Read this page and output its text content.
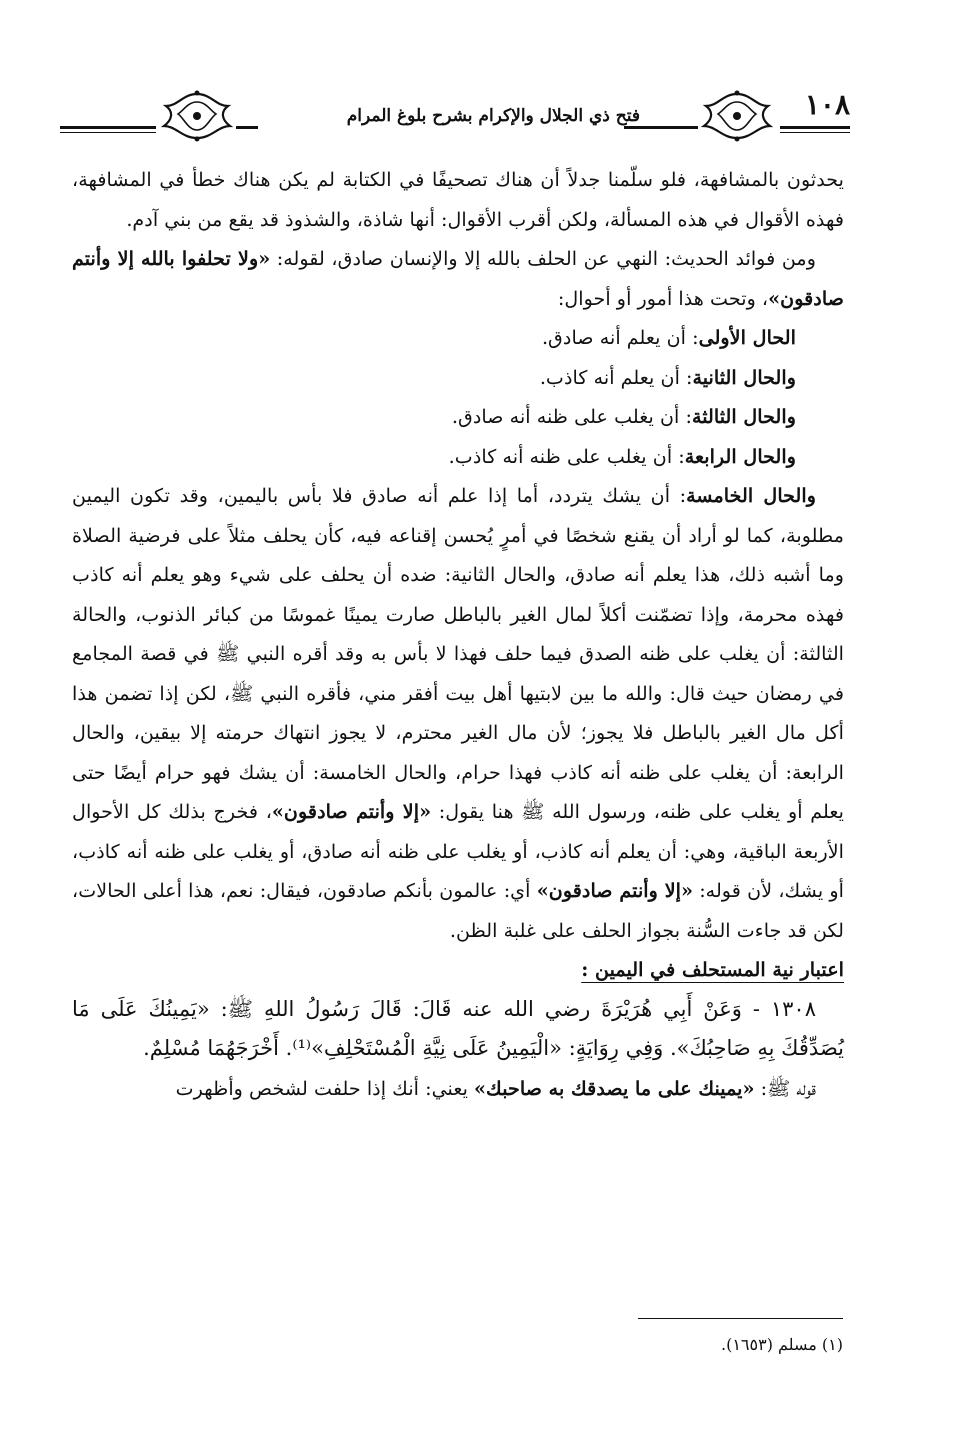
١٠٨
فتح ذي الجلال والإكرام بشرح بلوغ المرام

يحدثون بالمشافهة، فلو سلّمنا جدلاً أن هناك تصحيفًا في الكتابة لم يكن هناك خطأ في المشافهة، فهذه الأقوال في هذه المسألة، ولكن أقرب الأقوال: أنها شاذة، والشذوذ قد يقع من بني آدم.

ومن فوائد الحديث: النهي عن الحلف بالله إلا والإنسان صادق، لقوله: «ولا تحلفوا بالله إلا وأنتم صادقون»، وتحت هذا أمور أو أحوال:

الحال الأولى: أن يعلم أنه صادق.

والحال الثانية: أن يعلم أنه كاذب.

والحال الثالثة: أن يغلب على ظنه أنه صادق.

والحال الرابعة: أن يغلب على ظنه أنه كاذب.

والحال الخامسة: أن يشك يتردد، أما إذا علم أنه صادق فلا بأس باليمين، وقد تكون اليمين مطلوبة، كما لو أراد أن يقنع شخصًا في أمرٍ يُحسن إقناعه فيه، كأن يحلف مثلاً على فرضية الصلاة وما أشبه ذلك، هذا يعلم أنه صادق، والحال الثانية: ضده أن يحلف على شيء وهو يعلم أنه كاذب فهذه محرمة، وإذا تضمّنت أكلاً لمال الغير بالباطل صارت يمينًا غموسًا من كبائر الذنوب، والحالة الثالثة: أن يغلب على ظنه الصدق فيما حلف فهذا لا بأس به وقد أقره النبي ﷺ في قصة المجامع في رمضان حيث قال: والله ما بين لابتيها أهل بيت أفقر مني، فأقره النبي ﷺ، لكن إذا تضمن هذا أكل مال الغير بالباطل فلا يجوز؛ لأن مال الغير محترم، لا يجوز انتهاك حرمته إلا بيقين، والحال الرابعة: أن يغلب على ظنه أنه كاذب فهذا حرام، والحال الخامسة: أن يشك فهو حرام أيضًا حتى يعلم أو يغلب على ظنه، ورسول الله ﷺ هنا يقول: «إلا وأنتم صادقون»، فخرج بذلك كل الأحوال الأربعة الباقية، وهي: أن يعلم أنه كاذب، أو يغلب على ظنه أنه صادق، أو يغلب على ظنه أنه كاذب، أو يشك، لأن قوله: «إلا وأنتم صادقون» أي: عالمون بأنكم صادقون، فيقال: نعم، هذا أعلى الحالات، لكن قد جاءت السُّنة بجواز الحلف على غلبة الظن.

اعتبار نية المستحلف في اليمين :

١٣٠٨ - وَعَنْ أَبِي هُرَيْرَةَ رضي الله عنه قَالَ: قَالَ رَسُولُ اللهِ ﷺ: «يَمِينُكَ عَلَى مَا يُصَدِّقُكَ بِهِ صَاحِبُكَ». وَفِي رِوَايَةٍ: «الْيَمِينُ عَلَى نِيَّةِ الْمُسْتَحْلِفِ»⁽¹⁾. أَخْرَجَهُمَا مُسْلِمٌ.

قوله ﷺ: «يمينك على ما يصدقك به صاحبك» يعني: أنك إذا حلفت لشخص وأظهرت

(١) مسلم (١٦٥٣).
